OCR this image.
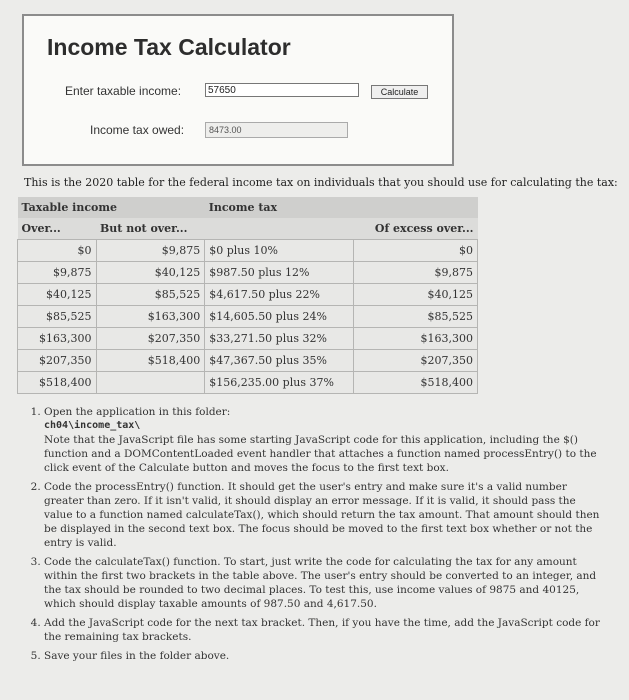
Income Tax Calculator
Enter taxable income:
57650	Calculate
Income tax owed:	8473.00
This is the 2020 table for the federal income tax on individuals that you should use for calculating the tax:
Taxable income		Income tax	
Over...	But not over...		Of excess over...
$0	$9,875	$0 plus 10%	$0
$9,875	$40,125	$987.50 plus 12%	$9,875
$40,125	$85,525	$4,617.50 plus 22%	$40,125
$85,525	$163,300	$14,605.50 plus 24%	$85,525
$163,300	$207,350	$33,271.50 plus 32%	$163,300
$207,350	$518,400	$47,367.50 plus 35%	$207,350
$518,400		$156,235.00 plus 37%	$518,400
1. Open the application in this folder:
ch04\income_tax\
Note that the JavaScript file has some starting JavaScript code for this application, including the $() function and a DOMContentLoaded event handler that attaches a function named processEntry() to the click event of the Calculate button and moves the focus to the first text box.
2. Code the processEntry() function. It should get the user's entry and make sure it's a valid number greater than zero. If it isn't valid, it should display an error message. If it is valid, it should pass the value to a function named calculateTax(), which should return the tax amount. That amount should then be displayed in the second text box. The focus should be moved to the first text box whether or not the entry is valid.
3. Code the calculateTax() function. To start, just write the code for calculating the tax for any amount within the first two brackets in the table above. The user's entry should be converted to an integer, and the tax should be rounded to two decimal places. To test this, use income values of 9875 and 40125, which should display taxable amounts of 987.50 and 4,617.50.
4. Add the JavaScript code for the next tax bracket. Then, if you have the time, add the JavaScript code for the remaining tax brackets.
5. Save your files in the folder above.
